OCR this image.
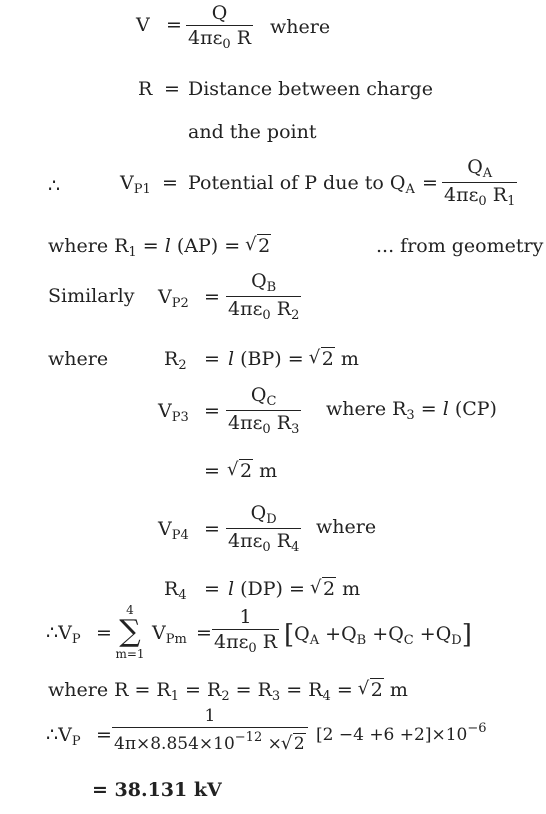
$V = \frac{Q}{4\pi\varepsilon_0 R}$ where
R = Distance between charge
and the point
∴	$V_{P1}$ = Potential of P due to $Q_A = \frac{Q_A}{4\pi\varepsilon_0 R_1}$
where $R_1 = l$ (AP) = √ 2	... from geometry
Similarly $V_{P2} = \frac{Q_B}{4\pi\varepsilon_0 R_2}$
where	$R_2 = l$ (BP) = √ 2 m
$V_{P3} = \frac{Q_C}{4\pi\varepsilon_0 R_3}$ where $R_3 = l$ (CP)
=	√ 2 m
$V_{P4} = \frac{Q_D}{4\pi\varepsilon_0 R_4}$ where
$R_4 = l$ (DP) = √ 2 m
$\therefore V_P$ =
4
∑
m=1
$V_{Pm} = \frac{1}{4\pi\varepsilon_0 R} [Q_A +Q_B +Q_C +Q_D]$
where $R = R_1 = R_2 = R_3 = R_4$ = √ 2 m
$\therefore V_P = \frac{1}{4\pi\times 8.854\times 10^{-12} \times √ 2} [2 -4 +6 +2]\times 10^{-6}$
= 38.131 kV
